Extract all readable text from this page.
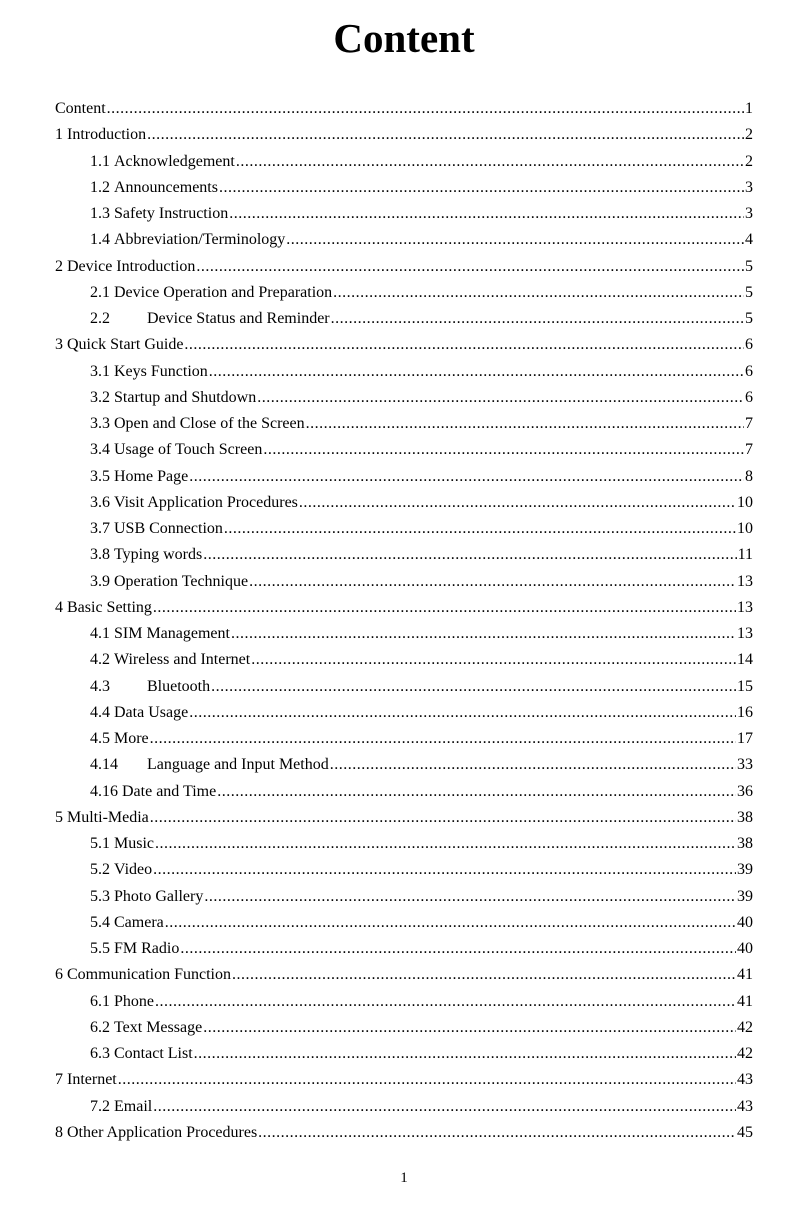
Content
Content .....	1
1 Introduction .....	2
1.1 Acknowledgement .....	2
1.2 Announcements .....	3
1.3 Safety Instruction .....	3
1.4 Abbreviation/Terminology .....	4
2 Device Introduction .....	5
2.1 Device Operation and Preparation .....	5
2.2	Device Status and Reminder .....	5
3 Quick Start Guide .....	6
3.1 Keys Function .....	6
3.2 Startup and Shutdown .....	6
3.3 Open and Close of the Screen .....	7
3.4 Usage of Touch Screen .....	7
3.5 Home Page .....	8
3.6 Visit Application Procedures .....	10
3.7 USB Connection .....	10
3.8 Typing words .....	11
3.9 Operation Technique .....	13
4 Basic Setting .....	13
4.1 SIM Management .....	13
4.2 Wireless and Internet .....	14
4.3	Bluetooth .....	15
4.4 Data Usage .....	16
4.5 More .....	17
4.14	Language and Input Method .....	33
4.16 Date and Time .....	36
5 Multi-Media .....	38
5.1 Music .....	38
5.2 Video .....	39
5.3 Photo Gallery .....	39
5.4 Camera .....	40
5.5 FM Radio .....	40
6 Communication Function .....	41
6.1 Phone .....	41
6.2 Text Message .....	42
6.3 Contact List .....	42
7 Internet .....	43
7.2 Email .....	43
8 Other Application Procedures .....	45
1
